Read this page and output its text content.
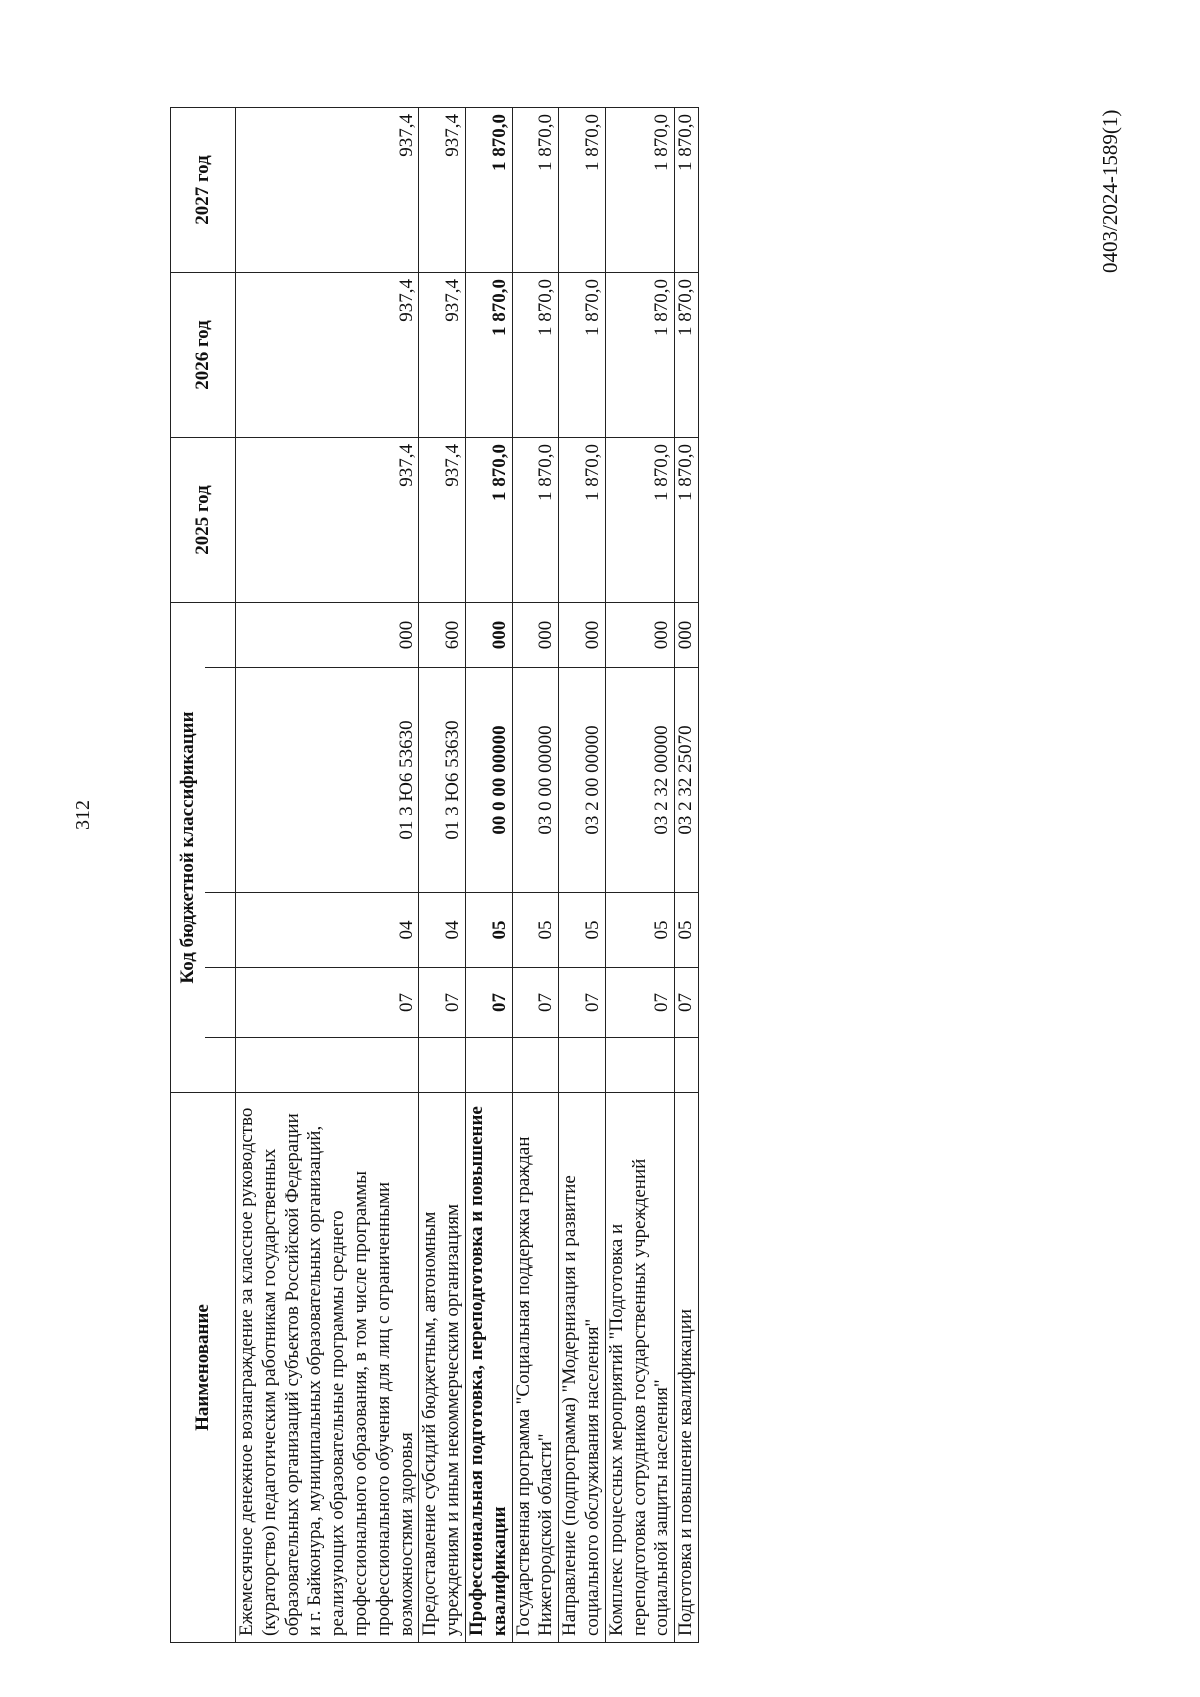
312
Наименование	Код бюджетной классификации					2025 год	2026 год	2027 год

Ежемесячное денежное вознаграждение за классное руководство (кураторство) педагогическим работникам государственных образовательных организаций субъектов Российской Федерации и г. Байконура, муниципальных образовательных организаций, реализующих образовательные программы среднего профессионального образования, в том числе программы профессионального обучения для лиц с ограниченными возможностями здоровья		07	04	01 3 Ю6 53630	000	937,4	937,4	937,4
Предоставление субсидий бюджетным, автономным учреждениям и иным некоммерческим организациям		07	04	01 3 Ю6 53630	600	937,4	937,4	937,4
Профессиональная подготовка, переподготовка и повышение квалификации		07	05	00 0 00 00000	000	1 870,0	1 870,0	1 870,0
Государственная программа "Социальная поддержка граждан Нижегородской области"		07	05	03 0 00 00000	000	1 870,0	1 870,0	1 870,0
Направление (подпрограмма) "Модернизация и развитие социального обслуживания населения"		07	05	03 2 00 00000	000	1 870,0	1 870,0	1 870,0
Комплекс процессных мероприятий "Подготовка и переподготовка сотрудников государственных учреждений социальной защиты населения"		07	05	03 2 32 00000	000	1 870,0	1 870,0	1 870,0
Подготовка и повышение квалификации		07	05	03 2 32 25070	000	1 870,0	1 870,0	1 870,0	0403/2024-1589(1)
